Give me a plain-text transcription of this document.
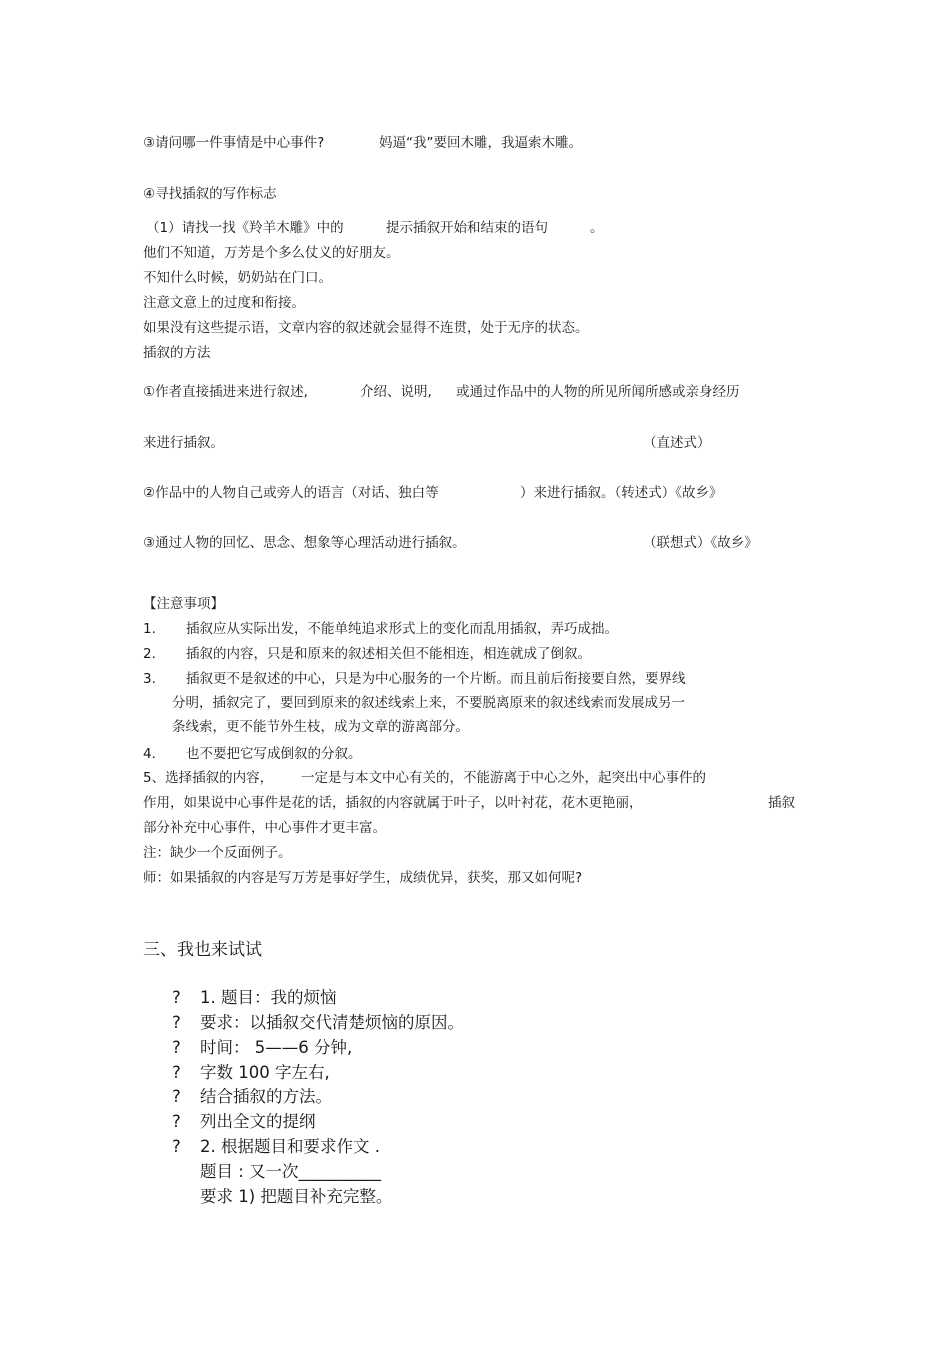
③请问哪一件事情是中心事件?	妈逼“我”要回木雕，我逼索木雕。
④寻找插叙的写作标志
（1）请找一找《羚羊木雕》中的	提示插叙开始和结束的语句	。
他们不知道，万芳是个多么仗义的好朋友。
不知什么时候，奶奶站在门口。
注意文意上的过度和衔接。
如果没有这些提示语，文章内容的叙述就会显得不连贯，处于无序的状态。
插叙的方法
①作者直接插进来进行叙述,	介绍、说明, 或通过作品中的人物的所见所闻所感或亲身经历
来进行插叙。	（直述式）
②作品中的人物自己或旁人的语言（对话、独白等	）来进行插叙。（转述式）《故乡》
③通过人物的回忆、思念、想象等心理活动进行插叙。	（联想式）《故乡》
【注意事项】
1. 插叙应从实际出发，不能单纯追求形式上的变化而乱用插叙，弄巧成拙。
2. 插叙的内容，只是和原来的叙述相关但不能相连，相连就成了倒叙。
3. 插叙更不是叙述的中心，只是为中心服务的一个片断。而且前后衔接要自然，要界线
分明，插叙完了，要回到原来的叙述线索上来，不要脱离原来的叙述线索而发展成另一
条线索，更不能节外生枝，成为文章的游离部分。
4. 也不要把它写成倒叙的分叙。
5、选择插叙的内容， 一定是与本文中心有关的，不能游离于中心之外，起突出中心事件的
作用，如果说中心事件是花的话，插叙的内容就属于叶子，以叶衬花，花木更艳丽，	插叙
部分补充中心事件，中心事件才更丰富。
注：缺少一个反面例子。
师：如果插叙的内容是写万芳是事好学生，成绩优异，获奖，那又如何呢?
三、我也来试试
? 1. 题目：我的烦恼
? 要求：以插叙交代清楚烦恼的原因。
? 时间： 5——6 分钟,
? 字数 100 字左右,
? 结合插叙的方法。
? 列出全文的提纲
? 2. 根据题目和要求作文 .
题目 : 又一次__________
要求 1) 把题目补充完整。
